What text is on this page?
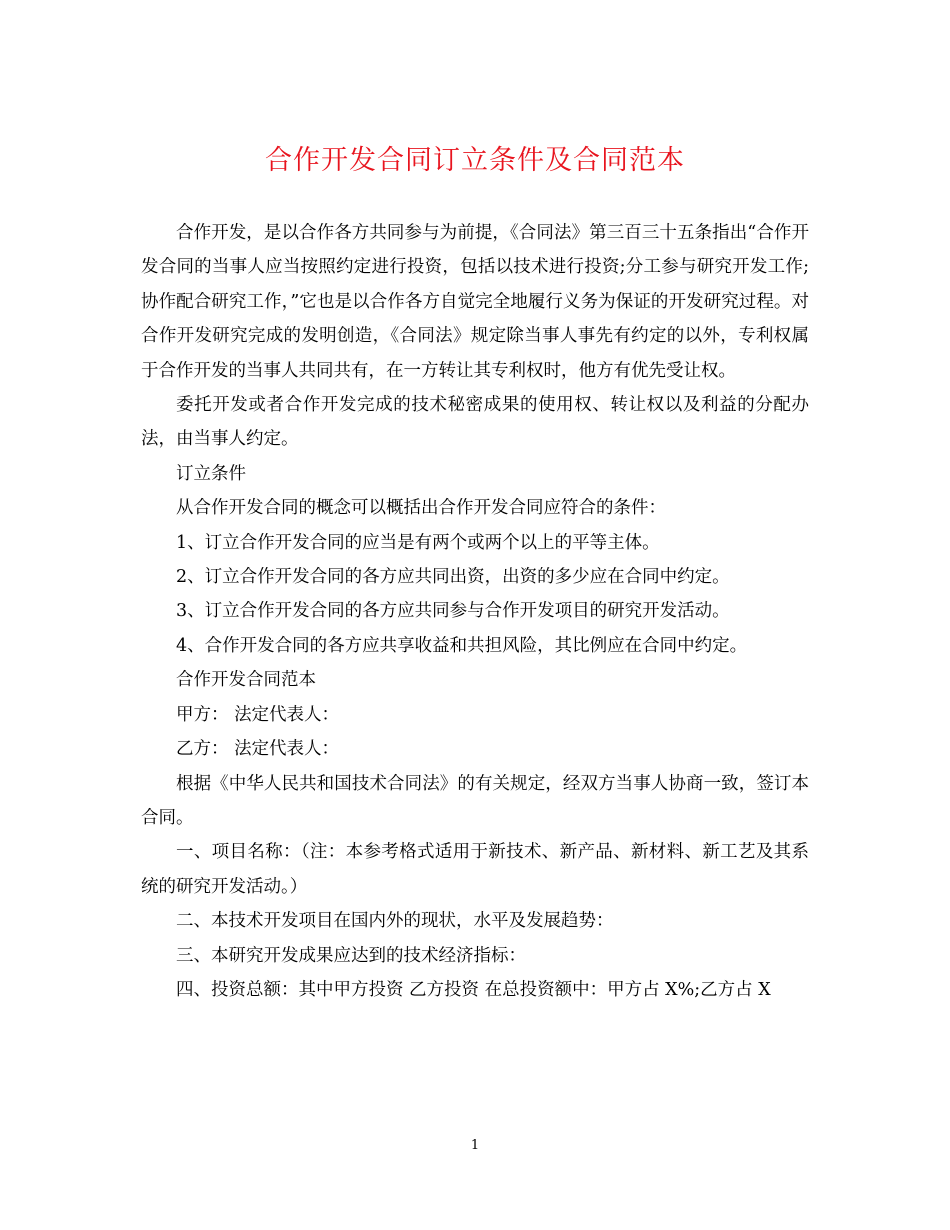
合作开发合同订立条件及合同范本

合作开发，是以合作各方共同参与为前提，《合同法》第三百三十五条指出“合作开发合同的当事人应当按照约定进行投资，包括以技术进行投资;分工参与研究开发工作;协作配合研究工作，”它也是以合作各方自觉完全地履行义务为保证的开发研究过程。对合作开发研究完成的发明创造，《合同法》规定除当事人事先有约定的以外，专利权属于合作开发的当事人共同共有，在一方转让其专利权时，他方有优先受让权。

委托开发或者合作开发完成的技术秘密成果的使用权、转让权以及利益的分配办法，由当事人约定。

订立条件

从合作开发合同的概念可以概括出合作开发合同应符合的条件：

1、订立合作开发合同的应当是有两个或两个以上的平等主体。

2、订立合作开发合同的各方应共同出资，出资的多少应在合同中约定。

3、订立合作开发合同的各方应共同参与合作开发项目的研究开发活动。

4、合作开发合同的各方应共享收益和共担风险，其比例应在合同中约定。

合作开发合同范本

甲方： 法定代表人：

乙方： 法定代表人：

根据《中华人民共和国技术合同法》的有关规定，经双方当事人协商一致，签订本合同。

一、项目名称：（注：本参考格式适用于新技术、新产品、新材料、新工艺及其系统的研究开发活动。）

二、本技术开发项目在国内外的现状，水平及发展趋势：

三、本研究开发成果应达到的技术经济指标：

四、投资总额：其中甲方投资 乙方投资 在总投资额中：甲方占 X%;乙方占 X

1
